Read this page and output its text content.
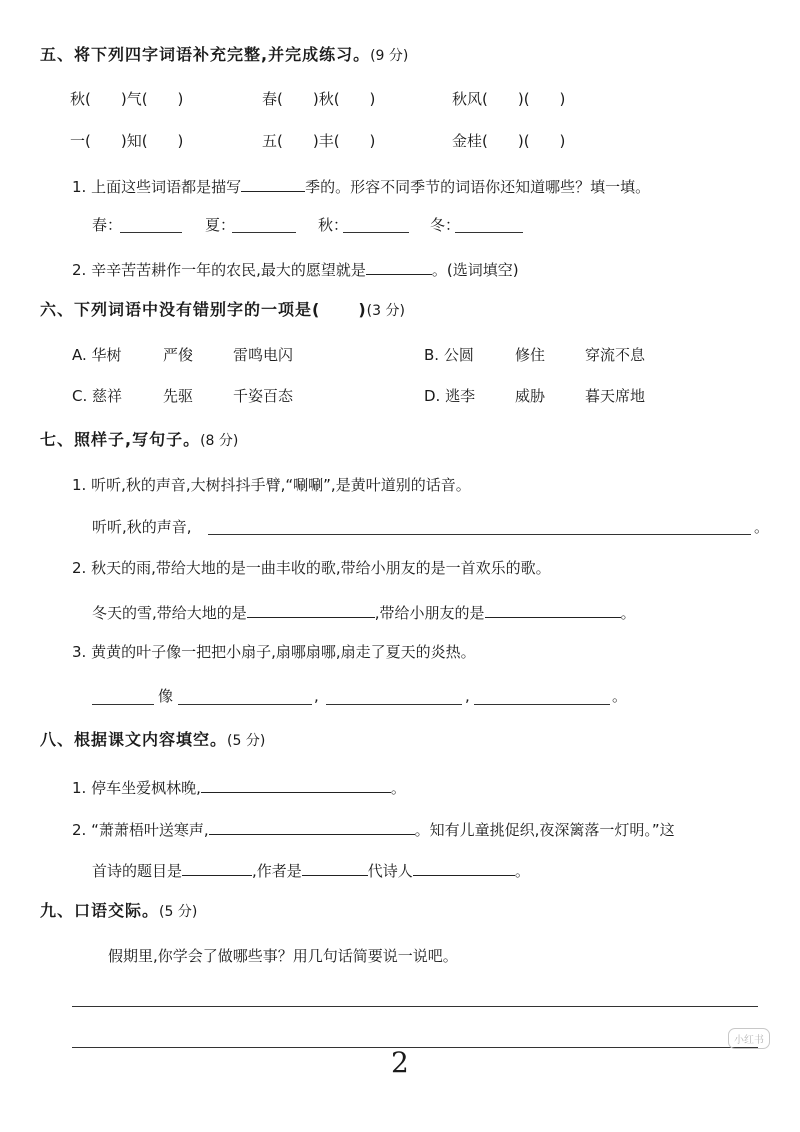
五、将下列四字词语补充完整,并完成练习。(9 分)
秋(　　)气(　　)	春(　　)秋(　　)	秋风(　　)(　　)
一(　　)知(　　)	五(　　)丰(　　)	金桂(　　)(　　)
1. 上面这些词语都是描写	季的。形容不同季节的词语你还知道哪些？填一填。
春：	夏：	秋：	冬：
2. 辛辛苦苦耕作一年的农民,最大的愿望就是	。(选词填空)
六、下列词语中没有错别字的一项是( )(3 分)
A. 华树	严俊	雷鸣电闪	B. 公圆	修住	穿流不息
C. 慈祥	先驱	千姿百态	D. 逃李	威胁	暮天席地
七、照样子,写句子。(8 分)
1. 听听,秋的声音,大树抖抖手臂,“唰唰”,是黄叶道别的话音。
听听,秋的声音,	。
2. 秋天的雨,带给大地的是一曲丰收的歌,带给小朋友的是一首欢乐的歌。
冬天的雪,带给大地的是	,带给小朋友的是	。
3. 黄黄的叶子像一把把小扇子,扇哪扇哪,扇走了夏天的炎热。
像	,	,	。
八、根据课文内容填空。(5 分)
1. 停车坐爱枫林晚,	。
2. “萧萧梧叶送寒声,	。知有儿童挑促织,夜深篱落一灯明。”这
首诗的题目是	,作者是	代诗人	。
九、口语交际。(5 分)
假期里,你学会了做哪些事？用几句话简要说一说吧。
小红书
2
